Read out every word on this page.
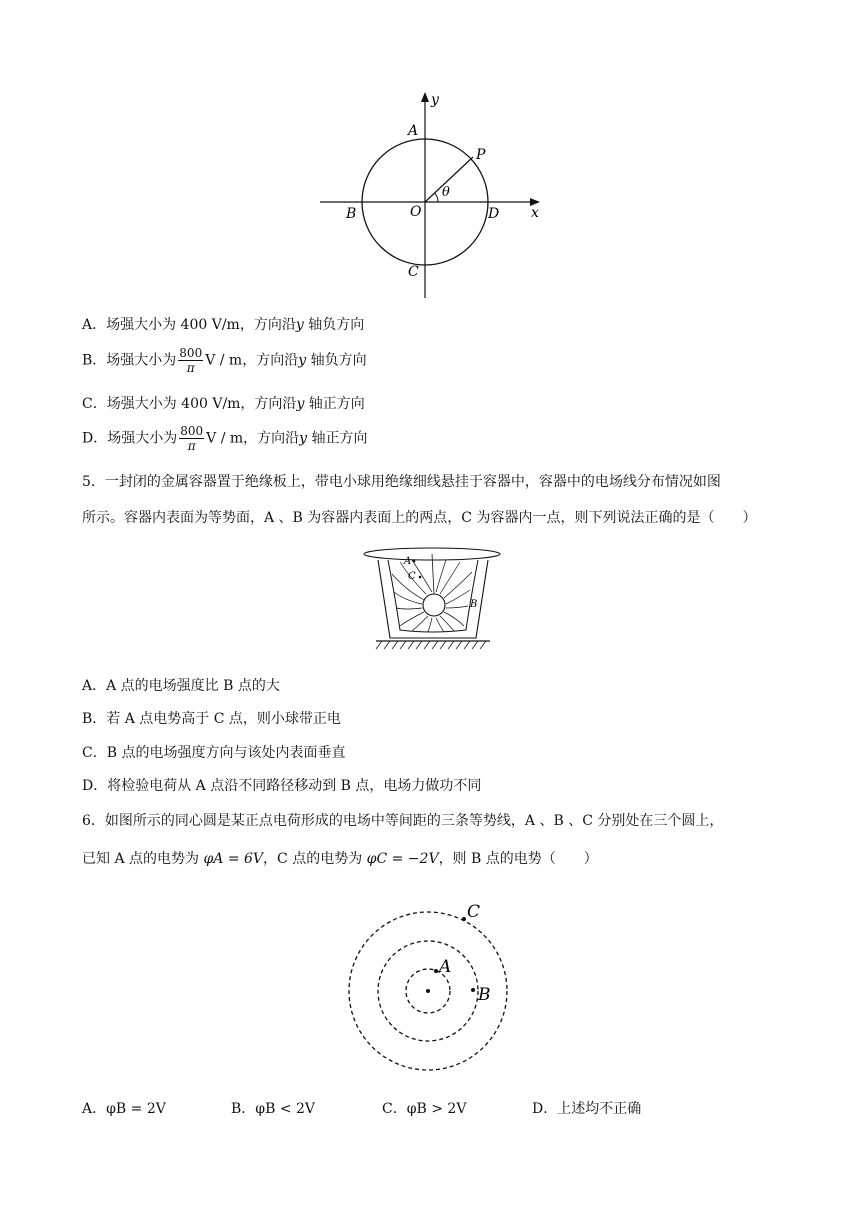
y
x
A
P
θ
B	O	D
C
A．场强大小为 400 V/m，方向沿y 轴负方向
B．场强大小为 $\frac{800}{\pi}$ V / m，方向沿y 轴负方向
C．场强大小为 400 V/m，方向沿y 轴正方向
D．场强大小为 $\frac{800}{\pi}$ V / m，方向沿y 轴正方向
5．一封闭的金属容器置于绝缘板上，带电小球用绝缘细线悬挂于容器中，容器中的电场线分布情况如图
所示。容器内表面为等势面，A 、B 为容器内表面上的两点，C 为容器内一点，则下列说法正确的是（　　）
A
C
B
A．A 点的电场强度比 B 点的大
B．若 A 点电势高于 C 点，则小球带正电
C．B 点的电场强度方向与该处内表面垂直
D．将检验电荷从 A 点沿不同路径移动到 B 点，电场力做功不同
6．如图所示的同心圆是某正点电荷形成的电场中等间距的三条等势线，A 、B 、C 分别处在三个圆上，
已知 A 点的电势为 φA = 6V，C 点的电势为 φC = −2V，则 B 点的电势（　　）
A
B
C
A．φB = 2V	B．φB < 2V	C．φB > 2V	D．上述均不正确
